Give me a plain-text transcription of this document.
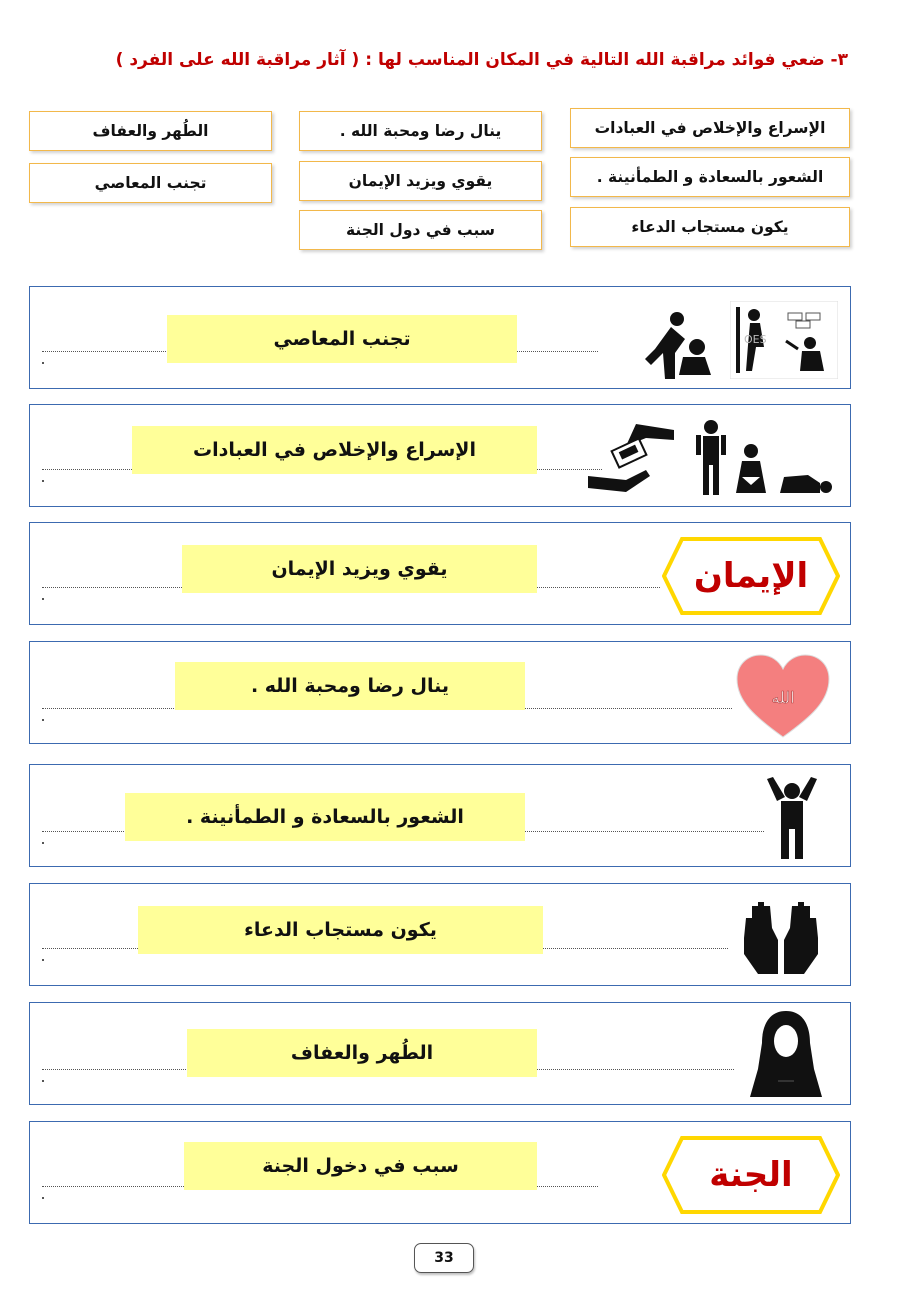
٣- ضعي فوائد مراقبة الله التالية في المكان المناسب لها : ( آثار مراقبة الله على الفرد )
الإسراع والإخلاص في العبادات
الشعور بالسعادة و الطمأنينة .
يكون مستجاب الدعاء
ينال رضا ومحبة الله .
يقوي ويزيد الإيمان
سبب في دول الجنة
الطُهر والعفاف
تجنب المعاصي
تجنب المعاصي	OES
الإسراع والإخلاص في العبادات
يقوي ويزيد الإيمان	الإيمان
ينال رضا ومحبة الله .
الله
الشعور بالسعادة و الطمأنينة .
يكون مستجاب الدعاء
الطُهر والعفاف
سبب في دخول الجنة	الجنة
33
